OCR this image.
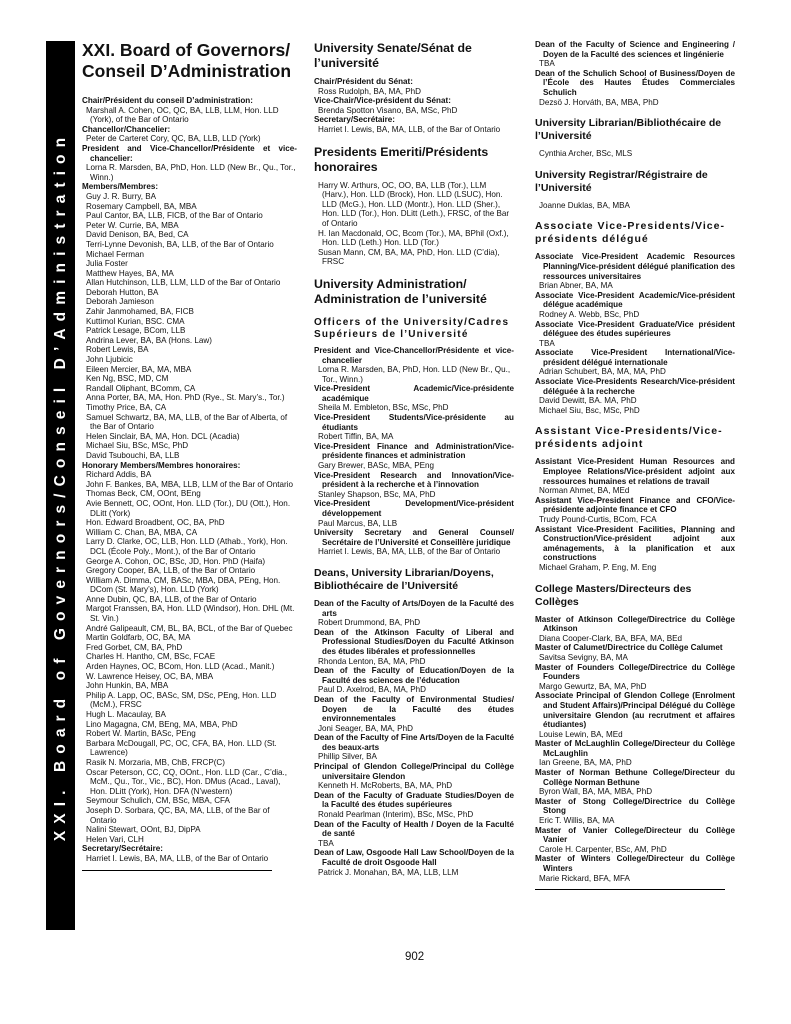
XXI. Board of Governors/Conseil D’Administration
XXI. Board of Governors/
Conseil D’Administration
Chair/Président du conseil D’administration:
Marshall A. Cohen, OC, QC, BA, LLB, LLM, Hon. LLD (York), of the Bar of Ontario
Chancellor/Chancelier:
Peter de Carteret Cory, QC, BA, LLB, LLD (York)
President and Vice-Chancellor/Présidente et vice-chancelier:
Lorna R. Marsden, BA, PhD, Hon. LLD (New Br., Qu., Tor., Winn.)
Members/Membres:
Guy J. R. Burry, BA
Rosemary Campbell, BA, MBA
Paul Cantor, BA, LLB, FICB, of the Bar of Ontario
Peter W. Currie, BA, MBA
David Denison, BA, Bed, CA
Terri-Lynne Devonish, BA, LLB, of the Bar of Ontario
Michael Ferman
Julia Foster
Matthew Hayes, BA, MA
Allan Hutchinson, LLB, LLM, LLD of the Bar of Ontario
Deborah Hutton, BA
Deborah Jamieson
Zahir Janmohamed, BA, FICB
Kuttimol Kurian, BSC. CMA
Patrick Lesage, BCom, LLB
Andrina Lever, BA, BA (Hons. Law)
Robert Lewis, BA
John Ljubicic
Eileen Mercier, BA, MA, MBA
Ken Ng, BSC, MD, CM
Randall Oliphant, BComm, CA
Anna Porter, BA, MA, Hon. PhD (Rye., St. Mary’s., Tor.)
Timothy Price, BA, CA
Samuel Schwartz, BA, MA, LLB, of the Bar of Alberta, of the Bar of Ontario
Helen Sinclair, BA, MA, Hon. DCL (Acadia)
Michael Siu, BSc, MSc, PhD
David Tsubouchi, BA, LLB
Honorary Members/Membres honoraires:
Richard Addis, BA
John F. Bankes, BA, MBA, LLB, LLM of the Bar of Ontario
Thomas Beck, CM, OOnt, BEng
Avie Bennett, OC, OOnt, Hon. LLD (Tor.), DU (Ott.), Hon. DLitt (York)
Hon. Edward Broadbent, OC, BA, PhD
William C. Chan, BA, MBA, CA
Larry D. Clarke, OC, LLB, Hon. LLD (Athab., York), Hon. DCL (École Poly., Mont.), of the Bar of Ontario
George A. Cohon, OC, BSc, JD, Hon. PhD (Haifa)
Gregory Cooper, BA, LLB, of the Bar of Ontario
William A. Dimma, CM, BASc, MBA, DBA, PEng, Hon. DCom (St. Mary’s), Hon. LLD (York)
Anne Dubin, QC, BA, LLB, of the Bar of Ontario
Margot Franssen, BA, Hon. LLD (Windsor), Hon. DHL (Mt. St. Vin.)
André Galipeault, CM, BL, BA, BCL, of the Bar of Quebec
Martin Goldfarb, OC, BA, MA
Fred Gorbet, CM, BA, PhD
Charles H. Hantho, CM, BSc, FCAE
Arden Haynes, OC, BCom, Hon. LLD (Acad., Manit.)
W. Lawrence Heisey, OC, BA, MBA
John Hunkin, BA, MBA
Philip A. Lapp, OC, BASc, SM, DSc, PEng, Hon. LLD (McM.), FRSC
Hugh L. Macaulay, BA
Lino Magagna, CM, BEng, MA, MBA, PhD
Robert W. Martin, BASc, PEng
Barbara McDougall, PC, OC, CFA, BA, Hon. LLD (St. Lawrence)
Rasik N. Morzaria, MB, ChB, FRCP(C)
Oscar Peterson, CC, CQ, OOnt., Hon. LLD (Car., C’dia., McM., Qu., Tor., Vic., BC), Hon. DMus (Acad., Laval), Hon. DLitt (York), Hon. DFA (N’western)
Seymour Schulich, CM, BSc, MBA, CFA
Joseph D. Sorbara, QC, BA, MA, LLB, of the Bar of Ontario
Nalini Stewart, OOnt, BJ, DipPA
Helen Vari, CLH
Secretary/Secrétaire:
Harriet I. Lewis, BA, MA, LLB, of the Bar of Ontario
University Senate/Sénat de l’université
Chair/Président du Sénat:
Ross Rudolph, BA, MA, PhD
Vice-Chair/Vice-président du Sénat:
Brenda Spotton Visano, BA, MSc, PhD
Secretary/Secrétaire:
Harriet I. Lewis, BA, MA, LLB, of the Bar of Ontario
Presidents Emeriti/Présidents honoraires
Harry W. Arthurs, OC, OO, BA, LLB (Tor.), LLM (Harv.), Hon. LLD (Brock), Hon. LLD (LSUC), Hon. LLD (McG.), Hon. LLD (Montr.), Hon. LLD (Sher.), Hon. LLD (Tor.), Hon. DLitt (Leth.), FRSC, of the Bar of Ontario
H. Ian Macdonald, OC, Bcom (Tor.), MA, BPhil (Oxf.), Hon. LLD (Leth.) Hon. LLD (Tor.)
Susan Mann, CM, BA, MA, PhD, Hon. LLD (C’dia), FRSC
University Administration/ Administration de l’université
Officers of the University/Cadres Supérieurs de l’Université
President and Vice-Chancellor/Présidente et vice-chancelier
Lorna R. Marsden, BA, PhD, Hon. LLD (New Br., Qu., Tor., Winn.)
Vice-President Academic/Vice-présidente académique
Sheila M. Embleton, BSc, MSc, PhD
Vice-President Students/Vice-présidente au étudiants
Robert Tiffin, BA, MA
Vice-President Finance and Administration/Vice-présidente finances et administration
Gary Brewer, BASc, MBA, PEng
Vice-President Research and Innovation/Vice-président à la recherche et à l’innovation
Stanley Shapson, BSc, MA, PhD
Vice-President Development/Vice-président développement
Paul Marcus, BA, LLB
University Secretary and General Counsel/ Secrétaire de l’Université et Conseillère juridique
Harriet I. Lewis, BA, MA, LLB, of the Bar of Ontario
Deans, University Librarian/Doyens, Bibliothécaire de l’Université
Dean of the Faculty of Arts/Doyen de la Faculté des arts
Robert Drummond, BA, PhD
Dean of the Atkinson Faculty of Liberal and Professional Studies/Doyen du Faculté Atkinson des études libérales et professionnelles
Rhonda Lenton, BA, MA, PhD
Dean of the Faculty of Education/Doyen de la Faculté des sciences de l’éducation
Paul D. Axelrod, BA, MA, PhD
Dean of the Faculty of Environmental Studies/ Doyen de la Faculté des études environnementales
Joni Seager, BA, MA, PhD
Dean of the Faculty of Fine Arts/Doyen de la Faculté des beaux-arts
Phillip Silver, BA
Principal of Glendon College/Principal du Collège universitaire Glendon
Kenneth H. McRoberts, BA, MA, PhD
Dean of the Faculty of Graduate Studies/Doyen de la Faculté des études supérieures
Ronald Pearlman (Interim), BSc, MSc, PhD
Dean of the Faculty of Health / Doyen de la Faculté de santé
TBA
Dean of Law, Osgoode Hall Law School/Doyen de la Faculté de droit Osgoode Hall
Patrick J. Monahan, BA, MA, LLB, LLM
Dean of the Faculty of Science and Engineering / Doyen de la Faculté des sciences et lingénierie
TBA
Dean of the Schulich School of Business/Doyen de l’École des Hautes Études Commerciales Schulich
Dezsö J. Horváth, BA, MBA, PhD
University Librarian/Bibliothécaire de l’Université
Cynthia Archer, BSc, MLS
University Registrar/Régistraire de l’Université
Joanne Duklas, BA, MBA
Associate Vice-Presidents/Vice-présidents délégué
Associate Vice-President Academic Resources Planning/Vice-président délégué planification des ressources universitaires
Brian Abner, BA, MA
Associate Vice-President Academic/Vice-président délégue académique
Rodney A. Webb, BSc, PhD
Associate Vice-President Graduate/Vice président déléguee des études supérieures
TBA
Associate Vice-President International/Vice-président délégué internationale
Adrian Schubert, BA, MA, MA, PhD
Associate Vice-Presidents Research/Vice-président déléguée à la recherche
David Dewitt, BA. MA, PhD
Michael Siu, Bsc, MSc, PhD
Assistant Vice-Presidents/Vice-présidents adjoint
Assistant Vice-President Human Resources and Employee Relations/Vice-président adjoint aux ressources humaines et relations de travail
Norman Ahmet, BA, MEd
Assistant Vice-President Finance and CFO/Vice-présidente adjointe finance et CFO
Trudy Pound-Curtis, BCom, FCA
Assistant Vice-President Facilities, Planning and Construction/Vice-président adjoint aux aménagements, à la planification et aux constructions
Michael Graham, P. Eng, M. Eng
College Masters/Directeurs des Collèges
Master of Atkinson College/Directrice du Collège Atkinson
Diana Cooper-Clark, BA, BFA, MA, BEd
Master of Calumet/Directrice du Collège Calumet
Savitsa Sevigny, BA, MA
Master of Founders College/Directrice du Collège Founders
Margo Gewurtz, BA, MA, PhD
Associate Principal of Glendon College (Enrolment and Student Affairs)/Principal Délégué du Collège universitaire Glendon (au recrutment et affaires étudiantes)
Louise Lewin, BA, MEd
Master of McLaughlin College/Directeur du Collège McLaughlin
Ian Greene, BA, MA, PhD
Master of Norman Bethune College/Directeur du Collège Norman Bethune
Byron Wall, BA, MA, MBA, PhD
Master of Stong College/Directrice du Collège Stong
Eric T. Willis, BA, MA
Master of Vanier College/Directeur du Collège Vanier
Carole H. Carpenter, BSc, AM, PhD
Master of Winters College/Directeur du Collège Winters
Marie Rickard, BFA, MFA
902
